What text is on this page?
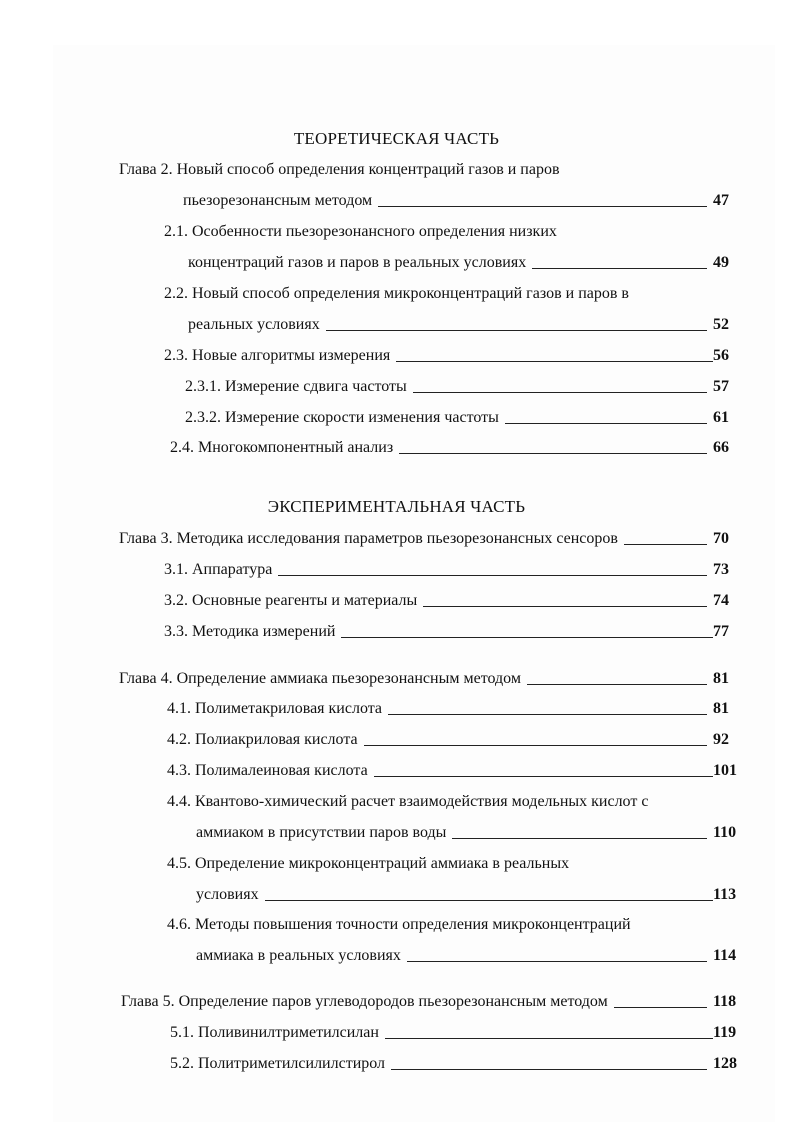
ТЕОРЕТИЧЕСКАЯ ЧАСТЬ
Глава 2. Новый способ определения концентраций газов и паров
пьезорезонансным методом	47
2.1. Особенности пьезорезонансного определения низких
концентраций газов и паров в реальных условиях	49
2.2. Новый способ определения микроконцентраций газов и паров в
реальных условиях	52
2.3. Новые алгоритмы измерения	56
2.3.1. Измерение сдвига частоты	57
2.3.2. Измерение скорости изменения частоты	61
2.4. Многокомпонентный анализ	66
ЭКСПЕРИМЕНТАЛЬНАЯ ЧАСТЬ
Глава 3. Методика исследования параметров пьезорезонансных сенсоров	70
3.1. Аппаратура	73
3.2. Основные реагенты и материалы	74
3.3. Методика измерений	77
Глава 4. Определение аммиака пьезорезонансным методом	81
4.1. Полиметакриловая кислота	81
4.2. Полиакриловая кислота	92
4.3. Полималеиновая кислота	101
4.4. Квантово-химический расчет взаимодействия модельных кислот с
аммиаком в присутствии паров воды	110
4.5. Определение микроконцентраций аммиака в реальных
условиях	113
4.6. Методы повышения точности определения микроконцентраций
аммиака в реальных условиях	114
Глава 5. Определение паров углеводородов пьезорезонансным методом	118
5.1. Поливинилтриметилсилан	119
5.2. Политриметилсилилстирол	128
